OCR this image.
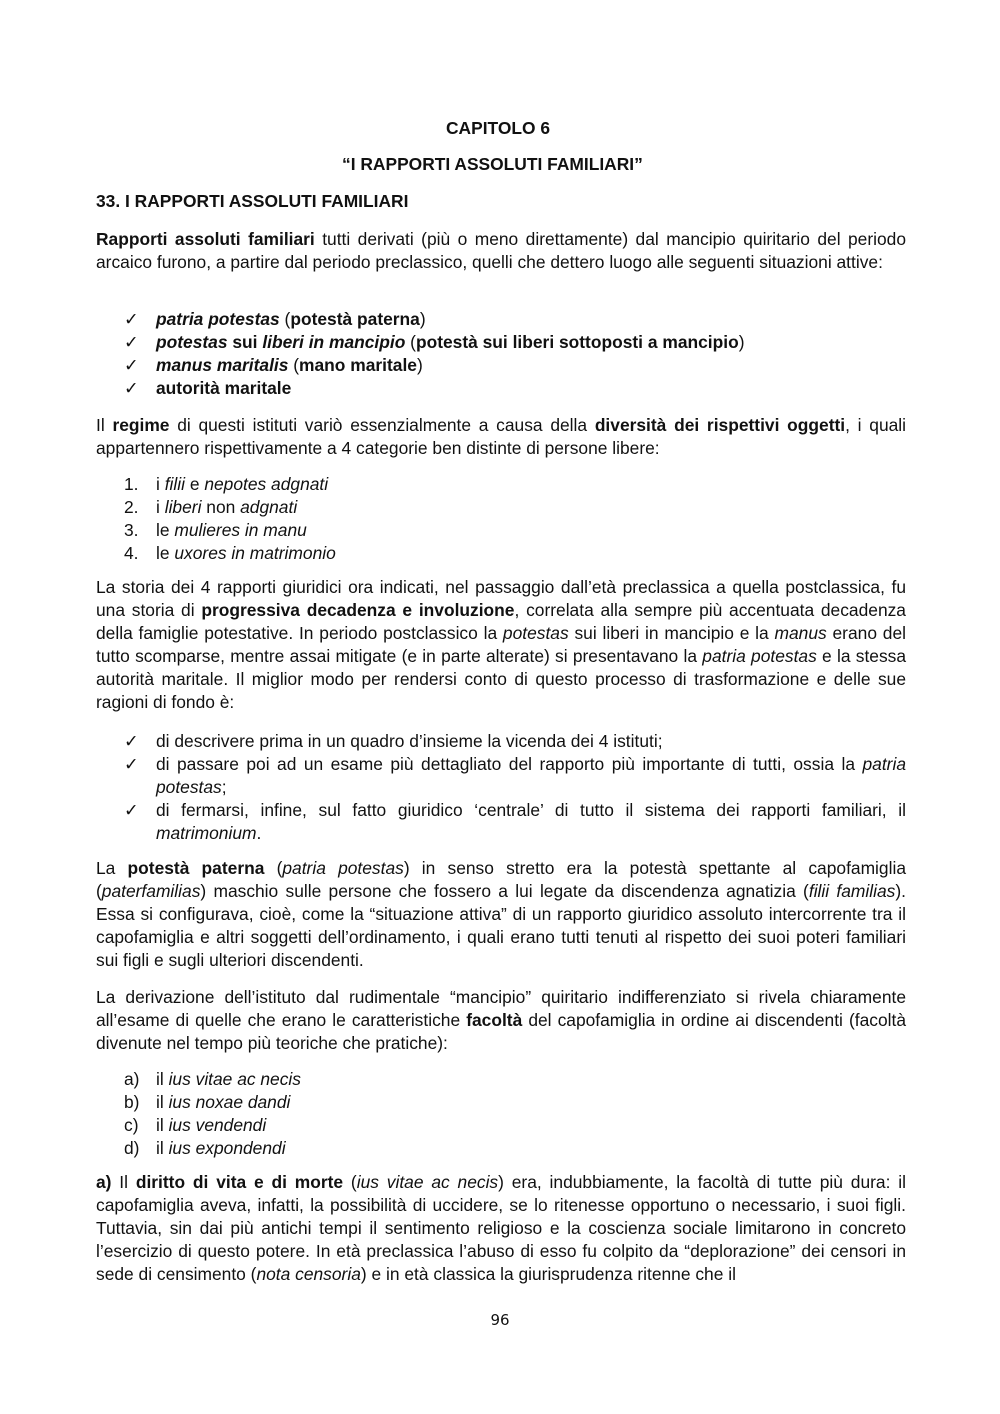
CAPITOLO 6
“I RAPPORTI ASSOLUTI FAMILIARI”
33. I RAPPORTI ASSOLUTI FAMILIARI

Rapporti assoluti familiari tutti derivati (più o meno direttamente) dal mancipio quiritario del periodo arcaico furono, a partire dal periodo preclassico, quelli che dettero luogo alle seguenti situazioni attive:

✓ patria potestas (potestà paterna)
✓ potestas sui liberi in mancipio (potestà sui liberi sottoposti a mancipio)
✓ manus maritalis (mano maritale)
✓ autorità maritale

Il regime di questi istituti variò essenzialmente a causa della diversità dei rispettivi oggetti, i quali appartennero rispettivamente a 4 categorie ben distinte di persone libere:

1. i filii e nepotes adgnati
2. i liberi non adgnati
3. le mulieres in manu
4. le uxores in matrimonio

La storia dei 4 rapporti giuridici ora indicati, nel passaggio dall’età preclassica a quella postclassica, fu una storia di progressiva decadenza e involuzione, correlata alla sempre più accentuata decadenza della famiglie potestative. In periodo postclassico la potestas sui liberi in mancipio e la manus erano del tutto scomparse, mentre assai mitigate (e in parte alterate) si presentavano la patria potestas e la stessa autorità maritale. Il miglior modo per rendersi conto di questo processo di trasformazione e delle sue ragioni di fondo è:

✓ di descrivere prima in un quadro d’insieme la vicenda dei 4 istituti;
✓ di passare poi ad un esame più dettagliato del rapporto più importante di tutti, ossia la patria potestas;
✓ di fermarsi, infine, sul fatto giuridico ‘centrale’ di tutto il sistema dei rapporti familiari, il matrimonium.

La potestà paterna (patria potestas) in senso stretto era la potestà spettante al capofamiglia (paterfamilias) maschio sulle persone che fossero a lui legate da discendenza agnatizia (filii familias). Essa si configurava, cioè, come la “situazione attiva” di un rapporto giuridico assoluto intercorrente tra il capofamiglia e altri soggetti dell’ordinamento, i quali erano tutti tenuti al rispetto dei suoi poteri familiari sui figli e sugli ulteriori discendenti.

La derivazione dell’istituto dal rudimentale “mancipio” quiritario indifferenziato si rivela chiaramente all’esame di quelle che erano le caratteristiche facoltà del capofamiglia in ordine ai discendenti (facoltà divenute nel tempo più teoriche che pratiche):

a) il ius vitae ac necis
b) il ius noxae dandi
c) il ius vendendi
d) il ius expondendi

a) Il diritto di vita e di morte (ius vitae ac necis) era, indubbiamente, la facoltà di tutte più dura: il capofamiglia aveva, infatti, la possibilità di uccidere, se lo ritenesse opportuno o necessario, i suoi figli. Tuttavia, sin dai più antichi tempi il sentimento religioso e la coscienza sociale limitarono in concreto l’esercizio di questo potere. In età preclassica l’abuso di esso fu colpito da “deplorazione” dei censori in sede di censimento (nota censoria) e in età classica la giurisprudenza ritenne che il

96
